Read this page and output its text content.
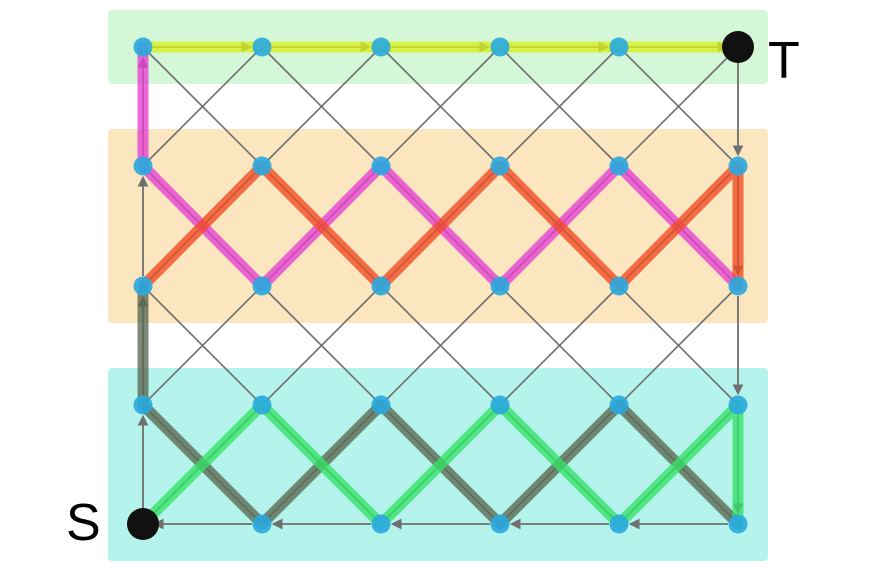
S
T
